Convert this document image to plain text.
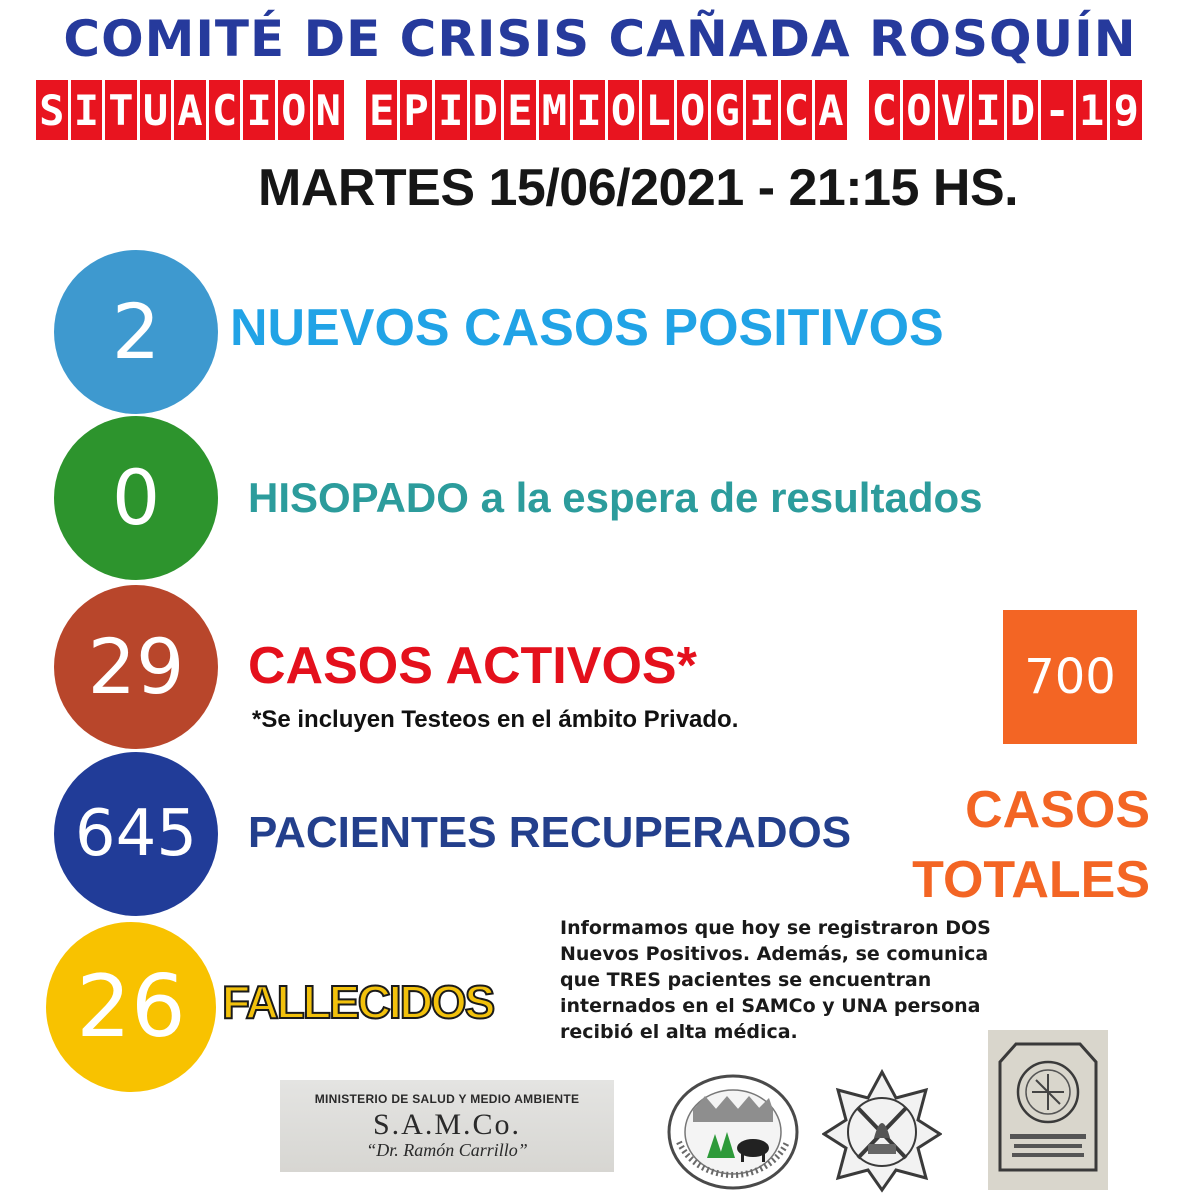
COMITÉ DE CRISIS CAÑADA ROSQUÍN
S I T U A C I O N E P I D E M I O L O G I C A C O V I D - 1 9
MARTES 15/06/2021 - 21:15 HS.
2	NUEVOS CASOS POSITIVOS
0	HISOPADO a la espera de resultados
29	CASOS ACTIVOS*
*Se incluyen Testeos en el ámbito Privado.
645	PACIENTES RECUPERADOS
26 FALLECIDOS
700
CASOS
TOTALES
Informamos que hoy se registraron DOS
Nuevos Positivos. Además, se comunica
que TRES pacientes se encuentran
internados en el SAMCo y UNA persona
recibió el alta médica.
MINISTERIO DE SALUD Y MEDIO AMBIENTE
S.A.M.Co.
“Dr. Ramón Carrillo”
